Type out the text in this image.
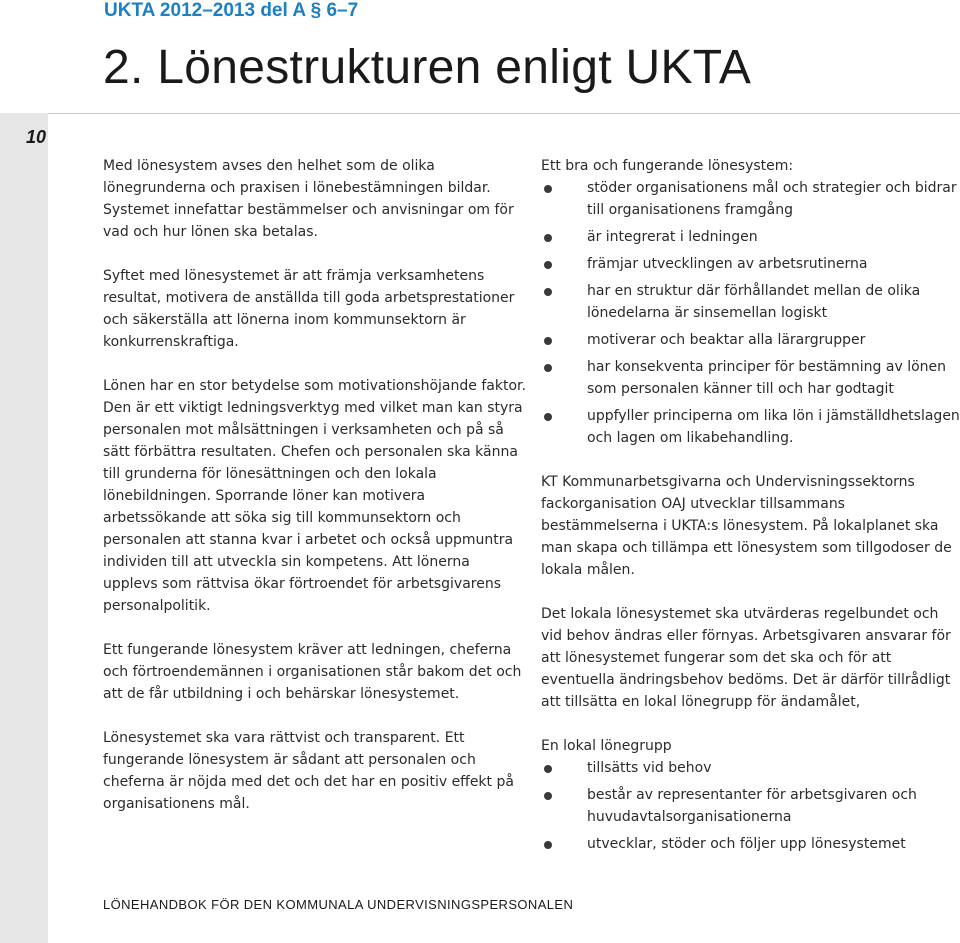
UKTA 2012–2013 del A § 6–7
2. Lönestrukturen enligt UKTA
10

Med lönesystem avses den helhet som de olika lönegrunderna och praxisen i lönebestämningen bildar. Systemet innefattar bestämmelser och anvisningar om för vad och hur lönen ska betalas.

Syftet med lönesystemet är att främja verksamhetens resultat, motivera de anställda till goda arbetsprestationer och säkerställa att lönerna inom kommunsektorn är konkurrenskraftiga.

Lönen har en stor betydelse som motivationshöjande faktor. Den är ett viktigt ledningsverktyg med vilket man kan styra personalen mot målsättningen i verksamheten och på så sätt förbättra resultaten. Chefen och personalen ska känna till grunderna för lönesättningen och den lokala lönebildningen. Sporrande löner kan motivera arbetssökande att söka sig till kommunsektorn och personalen att stanna kvar i arbetet och också uppmuntra individen till att utveckla sin kompetens. Att lönerna upplevs som rättvisa ökar förtroendet för arbetsgivarens personalpolitik.

Ett fungerande lönesystem kräver att ledningen, cheferna och förtroendemännen i organisationen står bakom det och att de får utbildning i och behärskar lönesystemet.

Lönesystemet ska vara rättvist och transparent. Ett fungerande lönesystem är sådant att personalen och cheferna är nöjda med det och det har en positiv effekt på organisationens mål.

Ett bra och fungerande lönesystem:

stöder organisationens mål och strategier och bidrar till organisationens framgång
är integrerat i ledningen
främjar utvecklingen av arbetsrutinerna
har en struktur där förhållandet mellan de olika lönedelarna är sinsemellan logiskt
motiverar och beaktar alla lärargrupper
har konsekventa principer för bestämning av lönen som personalen känner till och har godtagit
uppfyller principerna om lika lön i jämställdhetslagen och lagen om likabehandling.

KT Kommunarbetsgivarna och Undervisningssektorns fackorganisation OAJ utvecklar tillsammans bestämmelserna i UKTA:s lönesystem. På lokalplanet ska man skapa och tillämpa ett lönesystem som tillgodoser de lokala målen.

Det lokala lönesystemet ska utvärderas regelbundet och vid behov ändras eller förnyas. Arbetsgivaren ansvarar för att lönesystemet fungerar som det ska och för att eventuella ändringsbehov bedöms. Det är därför tillrådligt att tillsätta en lokal lönegrupp för ändamålet,

En lokal lönegrupp

tillsätts vid behov
består av representanter för arbetsgivaren och huvudavtalsorganisationerna
utvecklar, stöder och följer upp lönesystemet
LÖNEHANDBOK FÖR DEN KOMMUNALA UNDERVISNINGSPERSONALEN
